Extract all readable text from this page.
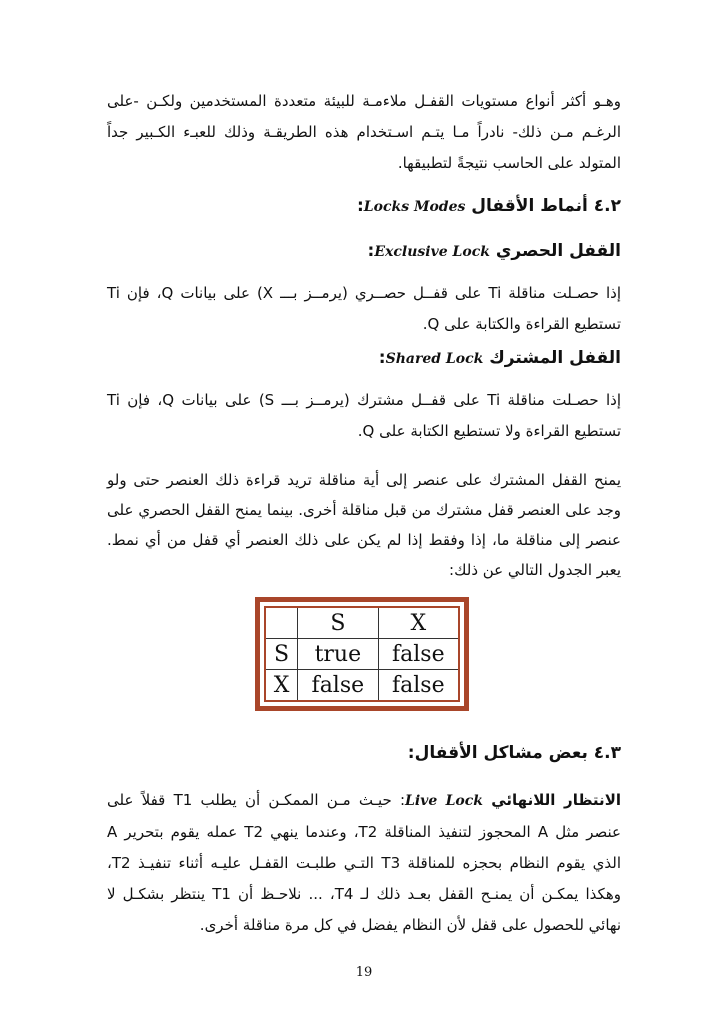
وهـو أكثر أنواع مستويات القفـل ملاءمـة للبيئة متعددة المستخدمين ولكـن -على الرغـم مـن ذلك- نادراً مـا يتـم اسـتخدام هذه الطريقـة وذلك للعبـء الكـبير جداً المتولد على الحاسب نتيجةً لتطبيقها.

٤.٢ أنماط الأقفال Locks Modes:
القفل الحصري Exclusive Lock:

إذا حصـلت مناقلة Ti على قفــل حصــري (يرمــز بـــ X) على بيانات Q، فإن Ti تستطيع القراءة والكتابة على Q.

القفل المشترك Shared Lock:

إذا حصـلت مناقلة Ti على قفــل مشترك (يرمــز بـــ S) على بيانات Q، فإن Ti تستطيع القراءة ولا تستطيع الكتابة على Q.

يمنح القفل المشترك على عنصر إلى أية مناقلة تريد قراءة ذلك العنصر حتى ولو وجد على العنصر قفل مشترك من قبل مناقلة أخرى. بينما يمنح القفل الحصري على عنصر إلى مناقلة ما، إذا وفقط إذا لم يكن على ذلك العنصر أي قفل من أي نمط. يعبر الجدول التالي عن ذلك:

	S	X
S	true	false
X	false	false
٤.٣ بعض مشاكل الأقفال:

الانتظار اللانهائي Live Lock: حيـث مـن الممكـن أن يطلب T1 قفلاً على عنصر مثل A المحجوز لتنفيذ المناقلة T2، وعندما ينهي T2 عمله يقوم بتحرير A الذي يقوم النظام بحجزه للمناقلة T3 التـي طلبـت القفـل عليـه أثناء تنفيـذ T2، وهكذا يمكـن أن يمنـح القفل بعـد ذلك لـ T4، ... نلاحـظ أن T1 ينتظر بشكـل لا نهائي للحصول على قفل لأن النظام يفضل في كل مرة مناقلة أخرى.

19
